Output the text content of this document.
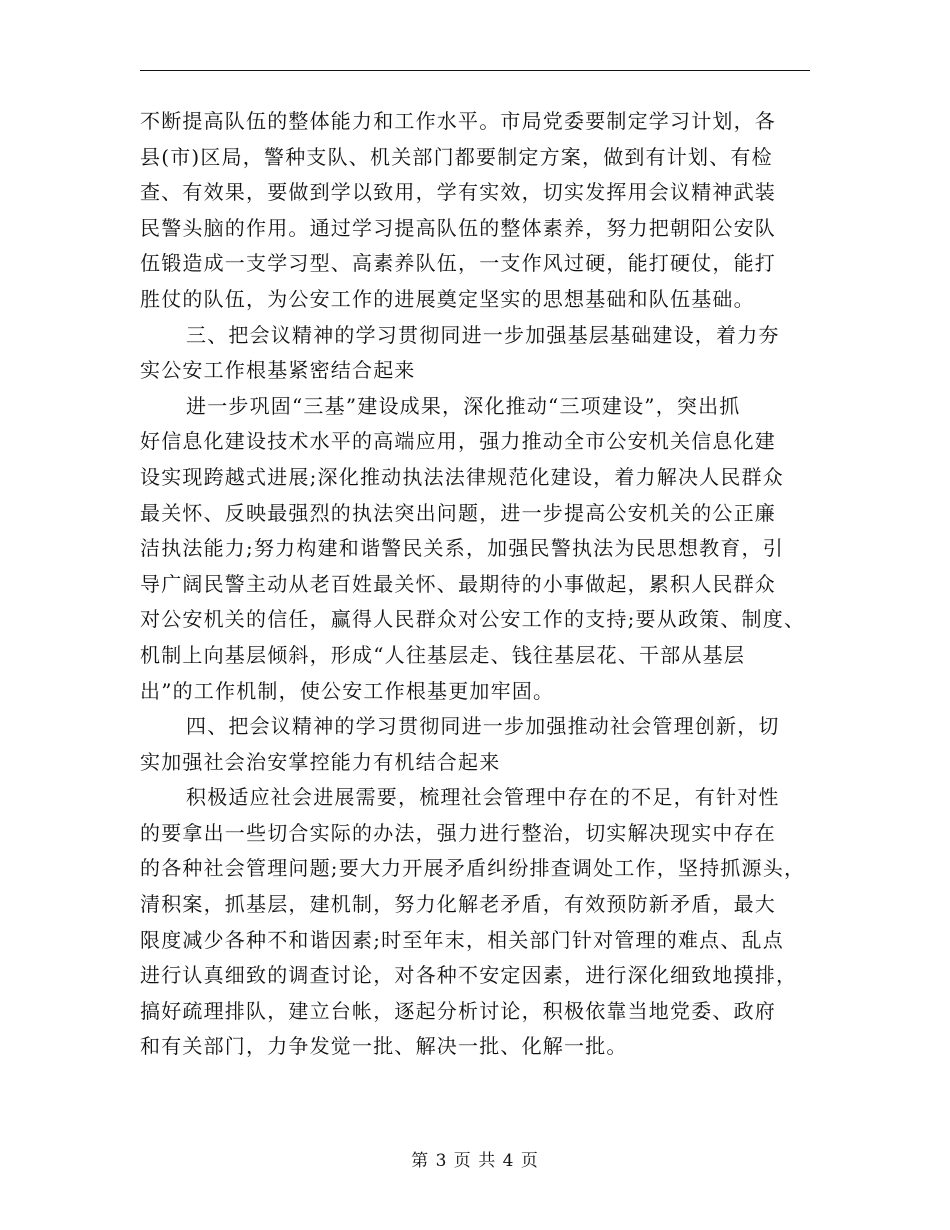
不断提高队伍的整体能力和工作水平。市局党委要制定学习计划，各
县(市)区局，警种支队、机关部门都要制定方案，做到有计划、有检
查、有效果，要做到学以致用，学有实效，切实发挥用会议精神武装
民警头脑的作用。通过学习提高队伍的整体素养，努力把朝阳公安队
伍锻造成一支学习型、高素养队伍，一支作风过硬，能打硬仗，能打
胜仗的队伍，为公安工作的进展奠定坚实的思想基础和队伍基础。
三、把会议精神的学习贯彻同进一步加强基层基础建设，着力夯
实公安工作根基紧密结合起来
进一步巩固“三基”建设成果，深化推动“三项建设”，突出抓
好信息化建设技术水平的高端应用，强力推动全市公安机关信息化建
设实现跨越式进展;深化推动执法法律规范化建设，着力解决人民群众
最关怀、反映最强烈的执法突出问题，进一步提高公安机关的公正廉
洁执法能力;努力构建和谐警民关系，加强民警执法为民思想教育，引
导广阔民警主动从老百姓最关怀、最期待的小事做起，累积人民群众
对公安机关的信任，赢得人民群众对公安工作的支持;要从政策、制度、
机制上向基层倾斜，形成“人往基层走、钱往基层花、干部从基层
出”的工作机制，使公安工作根基更加牢固。
四、把会议精神的学习贯彻同进一步加强推动社会管理创新，切
实加强社会治安掌控能力有机结合起来
积极适应社会进展需要，梳理社会管理中存在的不足，有针对性
的要拿出一些切合实际的办法，强力进行整治，切实解决现实中存在
的各种社会管理问题;要大力开展矛盾纠纷排查调处工作，坚持抓源头，
清积案，抓基层，建机制，努力化解老矛盾，有效预防新矛盾，最大
限度减少各种不和谐因素;时至年末，相关部门针对管理的难点、乱点
进行认真细致的调查讨论，对各种不安定因素，进行深化细致地摸排，
搞好疏理排队，建立台帐，逐起分析讨论，积极依靠当地党委、政府
和有关部门，力争发觉一批、解决一批、化解一批。
第 3 页 共 4 页
